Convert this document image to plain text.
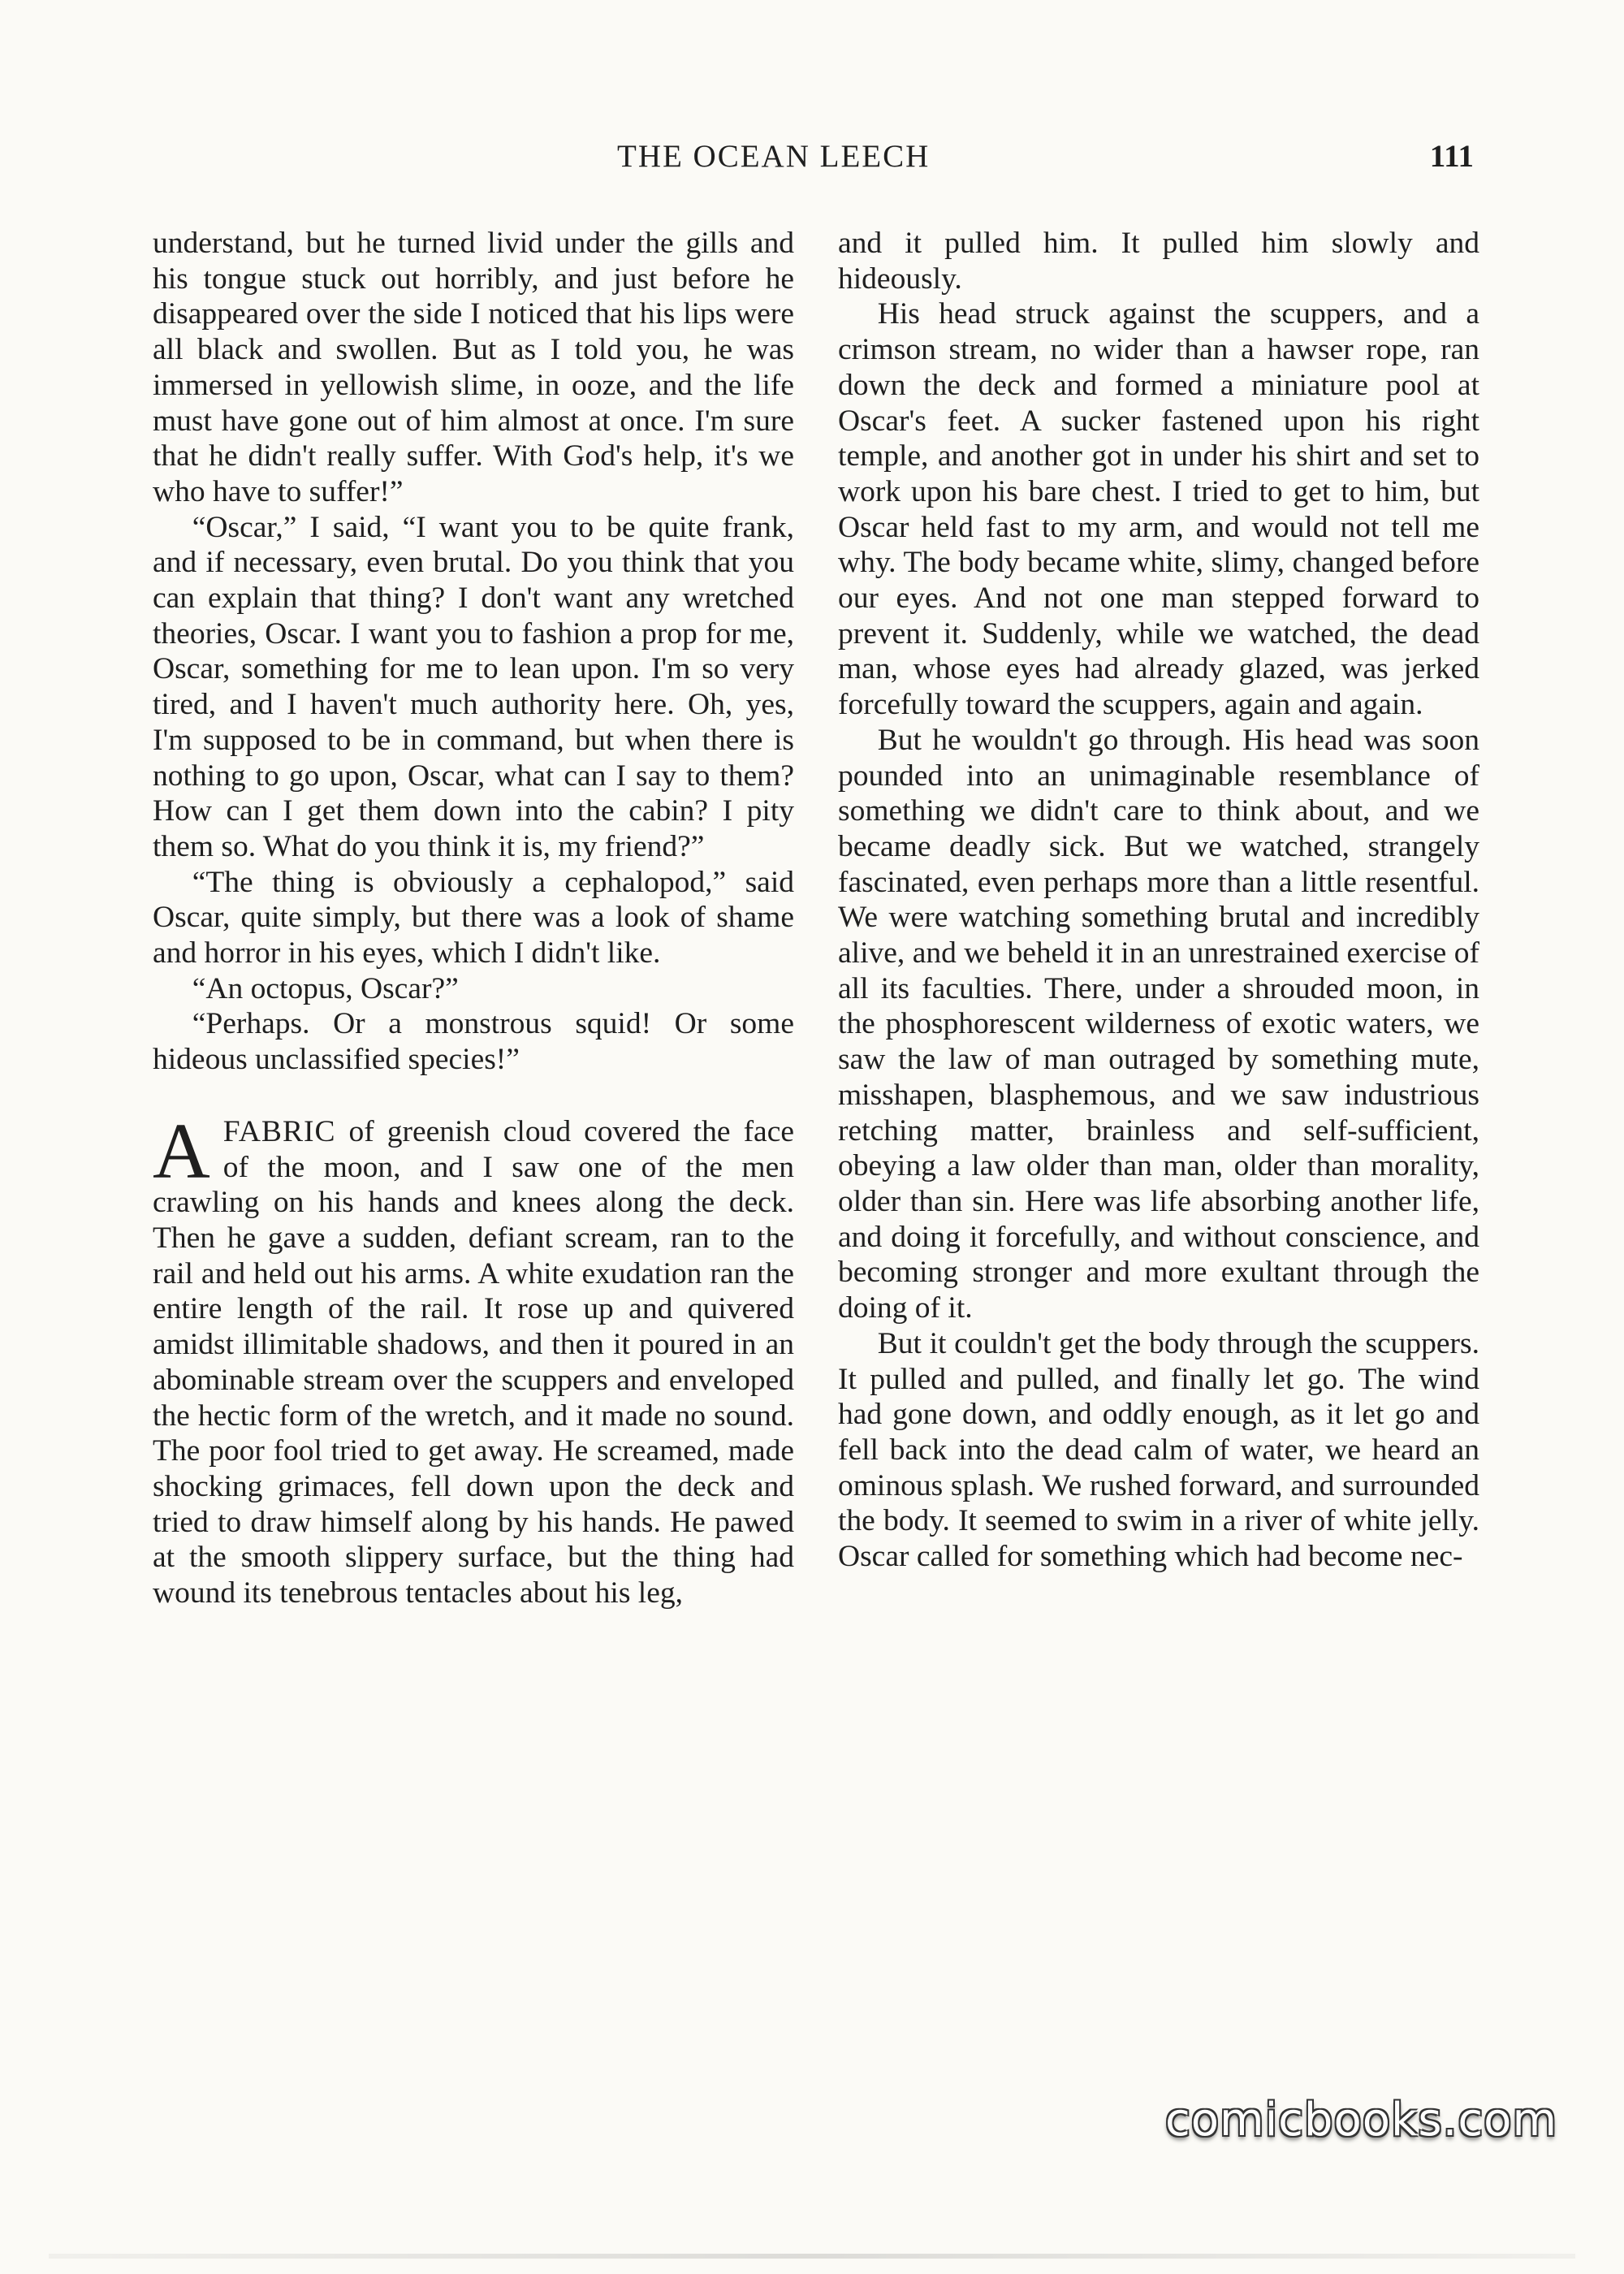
THE OCEAN LEECH	111

understand, but he turned livid under the gills and his tongue stuck out horribly, and just before he disappeared over the side I noticed that his lips were all black and swollen. But as I told you, he was immersed in yellowish slime, in ooze, and the life must have gone out of him almost at once. I'm sure that he didn't really suffer. With God's help, it's we who have to suffer!”

“Oscar,” I said, “I want you to be quite frank, and if necessary, even brutal. Do you think that you can explain that thing? I don't want any wretched theories, Oscar. I want you to fashion a prop for me, Oscar, something for me to lean upon. I'm so very tired, and I haven't much authority here. Oh, yes, I'm supposed to be in command, but when there is nothing to go upon, Oscar, what can I say to them? How can I get them down into the cabin? I pity them so. What do you think it is, my friend?”

“The thing is obviously a cephalopod,” said Oscar, quite simply, but there was a look of shame and horror in his eyes, which I didn't like.

“An octopus, Oscar?”

“Perhaps. Or a monstrous squid! Or some hideous unclassified species!”

AFABRIC of greenish cloud covered the face of the moon, and I saw one of the men crawling on his hands and knees along the deck. Then he gave a sudden, defiant scream, ran to the rail and held out his arms. A white exudation ran the entire length of the rail. It rose up and quivered amidst illimitable shadows, and then it poured in an abominable stream over the scuppers and enveloped the hectic form of the wretch, and it made no sound. The poor fool tried to get away. He screamed, made shocking grimaces, fell down upon the deck and tried to draw himself along by his hands. He pawed at the smooth slippery surface, but the thing had wound its tenebrous tentacles about his leg,

and it pulled him. It pulled him slowly and hideously.

His head struck against the scuppers, and a crimson stream, no wider than a hawser rope, ran down the deck and formed a miniature pool at Oscar's feet. A sucker fastened upon his right temple, and another got in under his shirt and set to work upon his bare chest. I tried to get to him, but Oscar held fast to my arm, and would not tell me why. The body became white, slimy, changed before our eyes. And not one man stepped forward to prevent it. Suddenly, while we watched, the dead man, whose eyes had already glazed, was jerked forcefully toward the scuppers, again and again.

But he wouldn't go through. His head was soon pounded into an unimaginable resemblance of something we didn't care to think about, and we became deadly sick. But we watched, strangely fascinated, even perhaps more than a little resentful. We were watching something brutal and incredibly alive, and we beheld it in an unrestrained exercise of all its faculties. There, under a shrouded moon, in the phosphorescent wilderness of exotic waters, we saw the law of man outraged by something mute, misshapen, blasphemous, and we saw industrious retching matter, brainless and self-sufficient, obeying a law older than man, older than morality, older than sin. Here was life absorbing another life, and doing it forcefully, and without conscience, and becoming stronger and more exultant through the doing of it.

But it couldn't get the body through the scuppers. It pulled and pulled, and finally let go. The wind had gone down, and oddly enough, as it let go and fell back into the dead calm of water, we heard an ominous splash. We rushed forward, and surrounded the body. It seemed to swim in a river of white jelly. Oscar called for something which had become nec-

comicbooks.com
